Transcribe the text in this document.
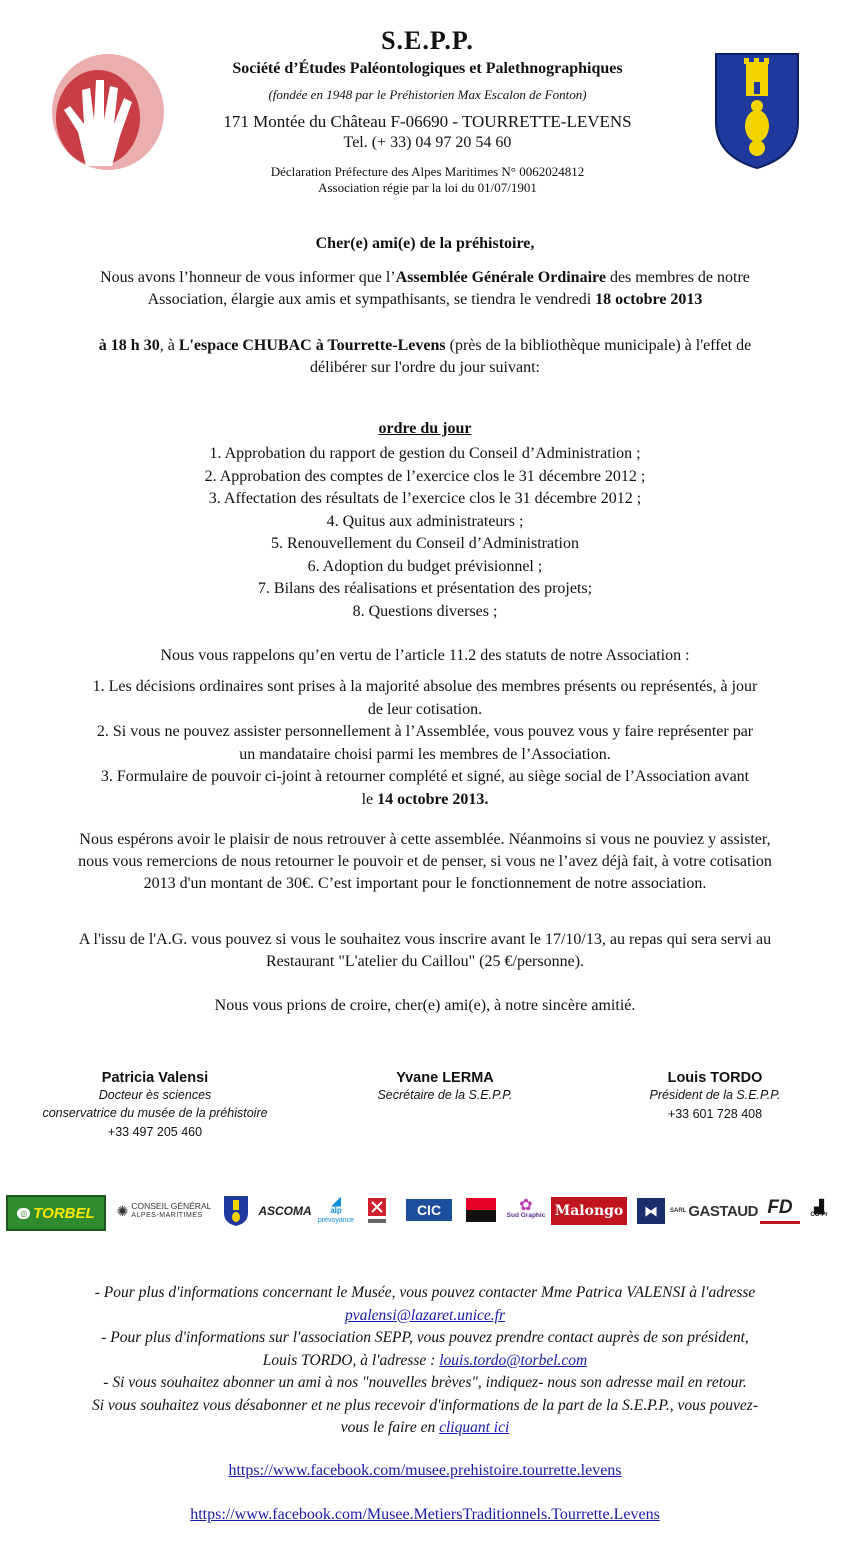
S.E.P.P.
Société d’Études Paléontologiques et Palethnographiques
(fondée en 1948 par le Préhistorien Max Escalon de Fonton)
171 Montée du Château F-06690 - TOURRETTE-LEVENS
Tel. (+ 33) 04 97 20 54 60
Déclaration Préfecture des Alpes Maritimes N° 0062024812
Association régie par la loi du 01/07/1901
Cher(e) ami(e) de la préhistoire,
Nous avons l’honneur de vous informer que l’Assemblée Générale Ordinaire des membres de notre
Association, élargie aux amis et sympathisants, se tiendra le vendredi 18 octobre 2013
à 18 h 30, à L'espace CHUBAC à Tourrette-Levens (près de la bibliothèque municipale) à l'effet de
délibérer sur l'ordre du jour suivant:
ordre du jour
1. Approbation du rapport de gestion du Conseil d’Administration ;
2. Approbation des comptes de l’exercice clos le 31 décembre 2012 ;
3. Affectation des résultats de l’exercice clos le 31 décembre 2012 ;
4. Quitus aux administrateurs ;
5. Renouvellement du Conseil d’Administration
6. Adoption du budget prévisionnel ;
7. Bilans des réalisations et présentation des projets;
8. Questions diverses ;
Nous vous rappelons qu’en vertu de l’article 11.2 des statuts de notre Association :
1. Les décisions ordinaires sont prises à la majorité absolue des membres présents ou représentés, à jour
de leur cotisation.
2. Si vous ne pouvez assister personnellement à l’Assemblée, vous pouvez vous y faire représenter par
un mandataire choisi parmi les membres de l’Association.
3. Formulaire de pouvoir ci-joint à retourner complété et signé, au siège social de l’Association avant
le 14 octobre 2013.
Nous espérons avoir le plaisir de nous retrouver à cette assemblée. Néanmoins si vous ne pouviez y assister,
nous vous remercions de nous retourner le pouvoir et de penser, si vous ne l’avez déjà fait, à votre cotisation
2013 d'un montant de 30€. C’est important pour le fonctionnement de notre association.
A l'issu de l'A.G. vous pouvez si vous le souhaitez vous inscrire avant le 17/10/13, au repas qui sera servi au
Restaurant "L'atelier du Caillou" (25 €/personne).
Nous vous prions de croire, cher(e) ami(e), à notre sincère amitié.
Patricia Valensi
Docteur ès sciences
conservatrice du musée de la préhistoire
+33 497 205 460
Yvane LERMA
Secrétaire de la S.E.P.P.
Louis TORDO
Président de la S.E.P.P.
+33 601 728 408
◎ TORBEL ✺ CONSEIL GÉNÉRAL
ALPES-MARITIMES	ASCOMA
◢
alp
prévoyance
CIC	✿
Sud Graphic Malongo ⧓ SARL GASTAUD FD ▟
CG-Pr
- Pour plus d'informations concernant le Musée, vous pouvez contacter Mme Patrica VALENSI à l'adresse
pvalensi@lazaret.unice.fr
- Pour plus d'informations sur l'association SEPP, vous pouvez prendre contact auprès de son président,
Louis TORDO, à l'adresse : louis.tordo@torbel.com
- Si vous souhaitez abonner un ami à nos "nouvelles brèves", indiquez- nous son adresse mail en retour.
Si vous souhaitez vous désabonner et ne plus recevoir d'informations de la part de la S.E.P.P., vous pouvez-
vous le faire en cliquant ici
https://www.facebook.com/musee.prehistoire.tourrette.levens
https://www.facebook.com/Musee.MetiersTraditionnels.Tourrette.Levens
